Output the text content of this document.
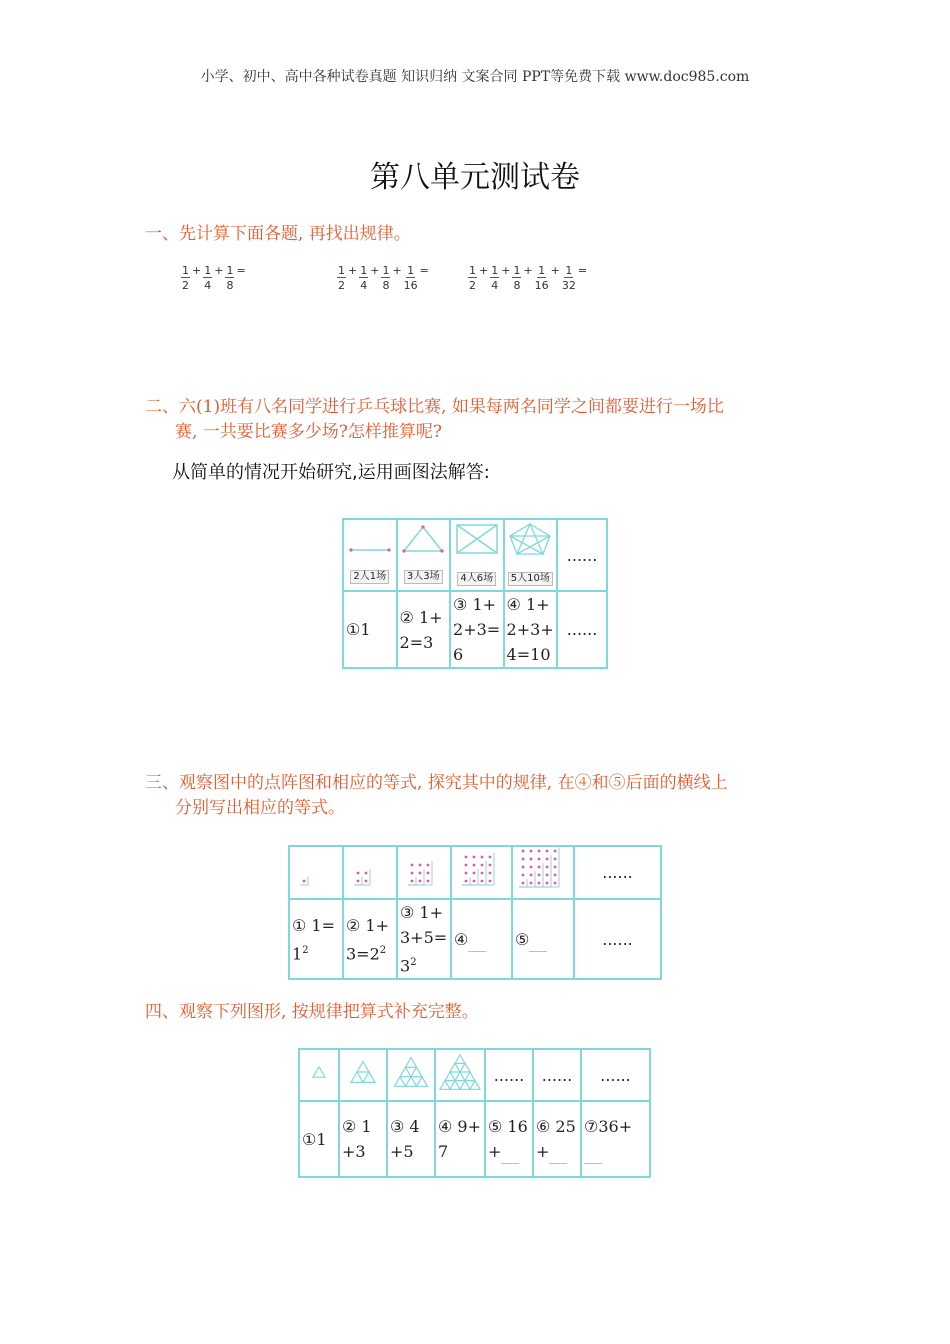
小学、初中、高中各种试卷真题 知识归纳 文案合同 PPT等免费下载 www.doc985.com
第八单元测试卷
一、先计算下面各题, 再找出规律。
$\frac{1}{2} + \frac{1}{4} + \frac{1}{8}$ =	$\frac{1}{2} + \frac{1}{4} + \frac{1}{8} + \frac{1}{16}$ =	$\frac{1}{2} + \frac{1}{4} + \frac{1}{8} + \frac{1}{16} + \frac{1}{32}$ =
二、六(1)班有八名同学进行乒乓球比赛, 如果每两名同学之间都要进行一场比
赛, 一共要比赛多少场?怎样推算呢?
从简单的情况开始研究,运用画图法解答:

2人1场	3人3场	4人6场	5人10场	......
①1	② 1+2=3	③ 1+2+3=6	④ 1+2+3+4=10	......
三、观察图中的点阵图和相应的等式, 探究其中的规律, 在④和⑤后面的横线上
分别写出相应的等式。
					......
① $1=1^2$	② $1+3=2^2$	③ $1+3+5=3^2$	④	⑤	......
四、观察下列图形, 按规律把算式补充完整。
				......	......	......
①1	② 1+3	③ 4+5	④ 9+7	⑤ 16+	⑥ 25+	⑦36+
